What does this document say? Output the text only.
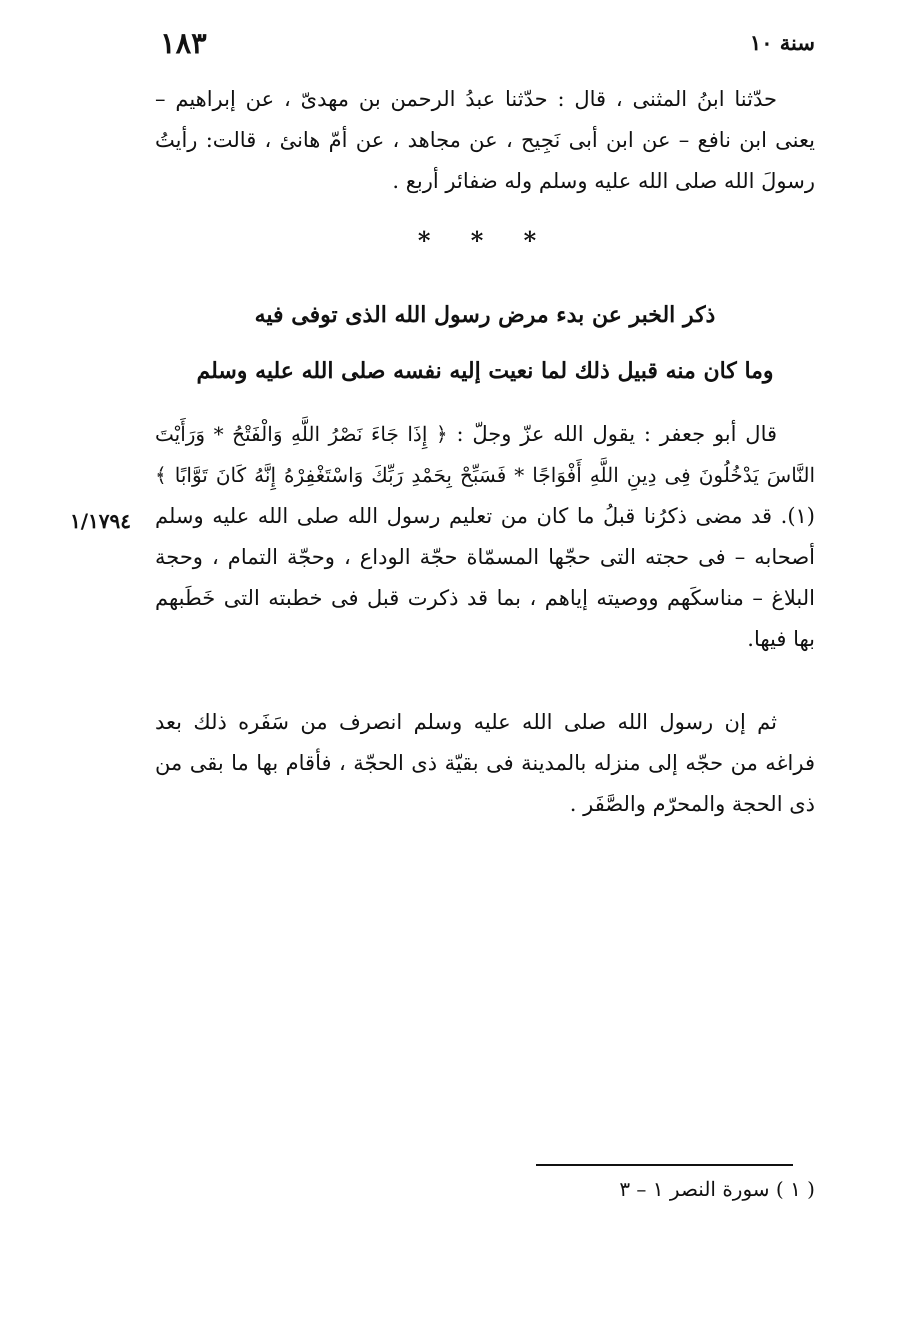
سنة ١٠
١٨٣
حدّثنا ابنُ المثنى ، قال : حدّثنا عبدُ الرحمن بن مهدىّ ، عن إبراهيم – يعنى ابن نافع – عن ابن أبى نَجِيح ، عن مجاهد ، عن أمّ هانئ ، قالت: رأيتُ رسولَ الله صلى الله عليه وسلم وله ضفائر أربع .
* * *
ذكر الخبر عن بدء مرض رسول الله الذى توفى فيه
وما كان منه قبيل ذلك لما نعيت إليه نفسه صلى الله عليه وسلم
قال أبو جعفر : يقول الله عزّ وجلّ : ﴿ إِذَا جَاءَ نَصْرُ اللَّهِ وَالْفَتْحُ * وَرَأَيْتَ النَّاسَ يَدْخُلُونَ فِى دِينِ اللَّهِ أَفْوَاجًا * فَسَبِّحْ بِحَمْدِ رَبِّكَ وَاسْتَغْفِرْهُ إِنَّهُ كَانَ تَوَّابًا ﴾ (١). قد مضى ذكرُنا قبلُ ما كان من تعليم رسول الله صلى الله عليه وسلم أصحابه – فى حجته التى حجّها المسمّاة حجّة الوداع ، وحجّة التمام ، وحجة البلاغ – مناسكَهم ووصيته إياهم ، بما قد ذكرت قبل فى خطبته التى خَطَبهم بها فيها.
١/١٧٩٤
ثم إن رسول الله صلى الله عليه وسلم انصرف من سَفَره ذلك بعد فراغه من حجّه إلى منزله بالمدينة فى بقيّة ذى الحجّة ، فأقام بها ما بقى من ذى الحجة والمحرّم والصَّفَر .
( ١ ) سورة النصر ١ – ٣
